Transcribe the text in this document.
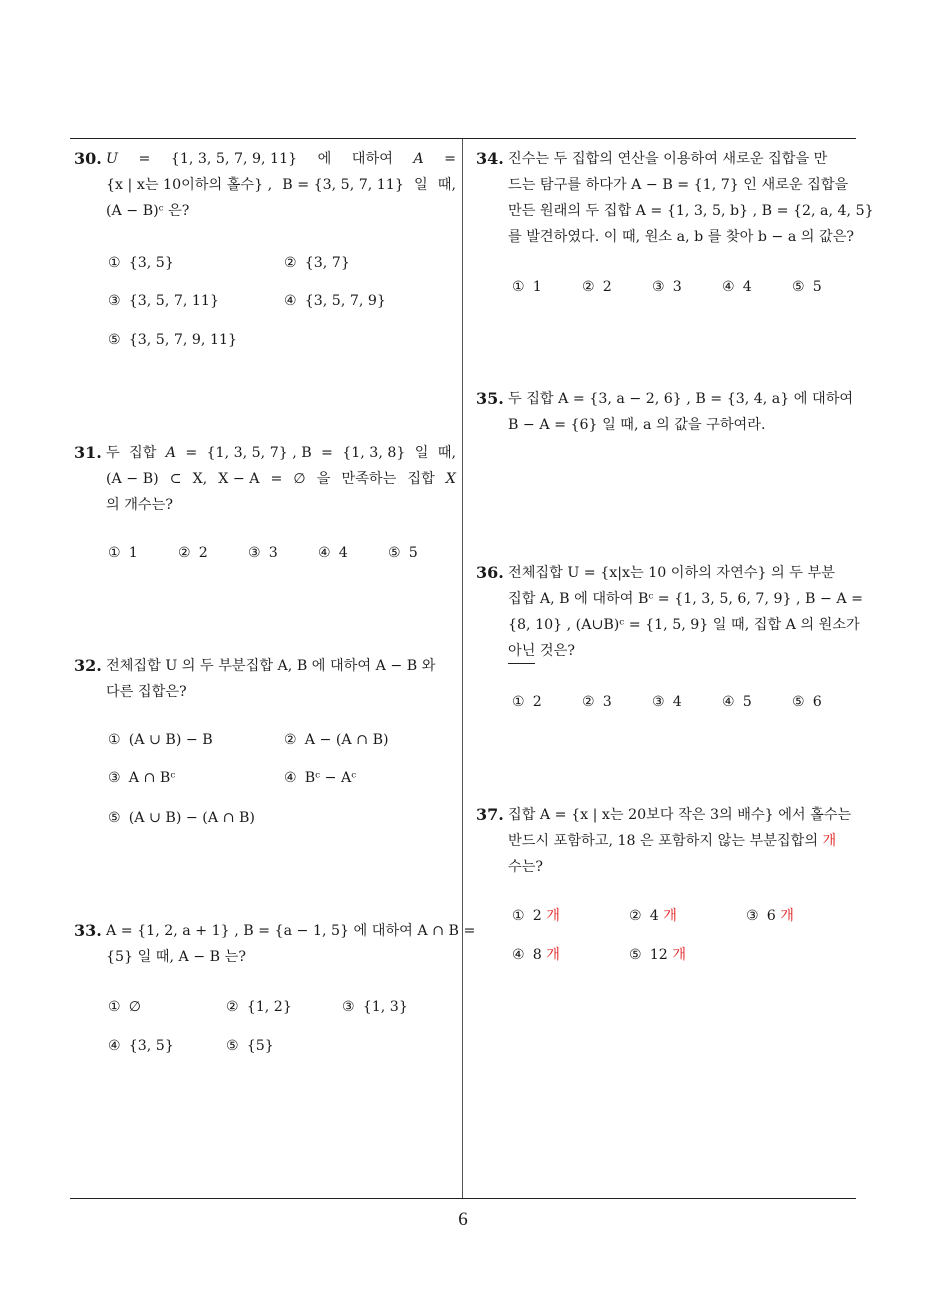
30. U = {1, 3, 5, 7, 9, 11} 에 대하여 A =
{x | x는 10이하의 홀수} , B = {3, 5, 7, 11} 일 때,
(A − B)ᶜ 은?
① {3, 5}	② {3, 7}
③ {3, 5, 7, 11}	④ {3, 5, 7, 9}
⑤ {3, 5, 7, 9, 11}
31. 두 집합 A = {1, 3, 5, 7} , B = {1, 3, 8} 일 때,
(A − B) ⊂ X, X − A = ∅ 을 만족하는 집합 X
의 개수는?
① 1	② 2	③ 3	④ 4	⑤ 5
32. 전체집합 U 의 두 부분집합 A, B 에 대하여 A − B 와
다른 집합은?
① (A ∪ B) − B	② A − (A ∩ B)
③ A ∩ Bᶜ	④ Bᶜ − Aᶜ
⑤ (A ∪ B) − (A ∩ B)
33. A = {1, 2, a + 1} , B = {a − 1, 5} 에 대하여 A ∩ B =
{5} 일 때, A − B 는?
① ∅	② {1, 2}	③ {1, 3}
④ {3, 5}	⑤ {5}
34. 진수는 두 집합의 연산을 이용하여 새로운 집합을 만
드는 탐구를 하다가 A − B = {1, 7} 인 새로운 집합을
만든 원래의 두 집합 A = {1, 3, 5, b} , B = {2, a, 4, 5}
를 발견하였다. 이 때, 원소 a, b 를 찾아 b − a 의 값은?
① 1	② 2	③ 3	④ 4	⑤ 5
35. 두 집합 A = {3, a − 2, 6} , B = {3, 4, a} 에 대하여
B − A = {6} 일 때, a 의 값을 구하여라.
36. 전체집합 U = {x|x는 10 이하의 자연수} 의 두 부분
집합 A, B 에 대하여 Bᶜ = {1, 3, 5, 6, 7, 9} , B − A =
{8, 10} , (A∪B)ᶜ = {1, 5, 9} 일 때, 집합 A 의 원소가
아닌 것은?
① 2	② 3	③ 4	④ 5	⑤ 6
37. 집합 A = {x | x는 20보다 작은 3의 배수} 에서 홀수는
반드시 포함하고, 18 은 포함하지 않는 부분집합의 개
수는?
① 2 개	② 4 개	③ 6 개
④ 8 개	⑤ 12 개
6
